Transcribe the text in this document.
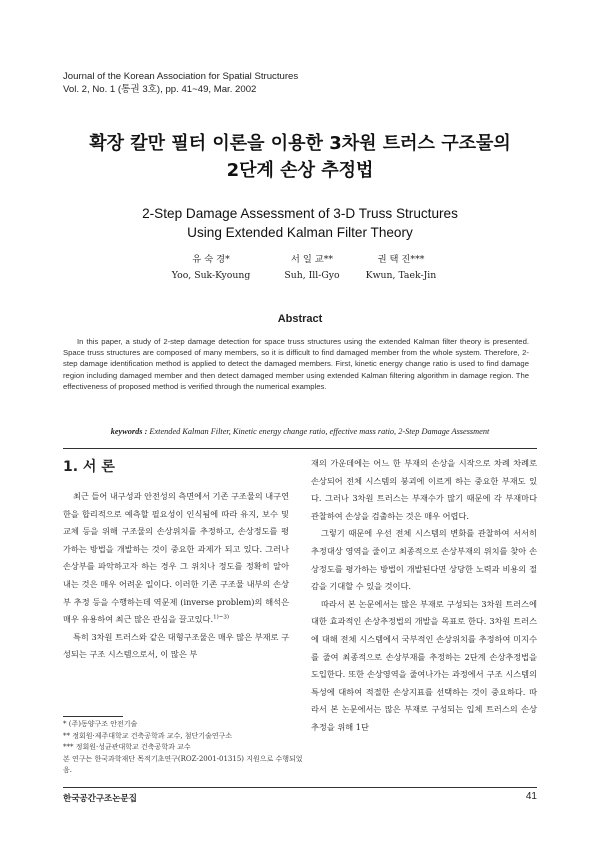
Journal of the Korean Association for Spatial Structures
Vol. 2, No. 1 (통권 3호), pp. 41~49, Mar. 2002
확장 칼만 필터 이론을 이용한 3차원 트러스 구조물의
2단계 손상 추정법
2-Step Damage Assessment of 3-D Truss Structures
Using Extended Kalman Filter Theory
유 숙 경*
Yoo, Suk-Kyoung

서 일 교**
Suh, Ill-Gyo

권 택 진***
Kwun, Taek-Jin
Abstract
In this paper, a study of 2-step damage detection for space truss structures using the extended Kalman filter theory is presented. Space truss structures are composed of many members, so it is difficult to find damaged member from the whole system. Therefore, 2-step damage identification method is applied to detect the damaged members. First, kinetic energy change ratio is used to find damage region including damaged member and then detect damaged member using extended Kalman filtering algorithm in damage region. The effectiveness of proposed method is verified through the numerical examples.
keywords : Extended Kalman Filter, Kinetic energy change ratio, effective mass ratio, 2-Step Damage Assessment
1. 서 론

최근 들어 내구성과 안전성의 측면에서 기존 구조물의 내구연한을 합리적으로 예측할 필요성이 인식됨에 따라 유지, 보수 및 교체 등을 위해 구조물의 손상위치를 추정하고, 손상정도를 평가하는 방법을 개발하는 것이 중요한 과제가 되고 있다. 그러나 손상부를 파악하고자 하는 경우 그 위치나 정도를 정확히 알아내는 것은 매우 어려운 일이다. 이러한 기존 구조물 내부의 손상부 추정 등을 수행하는데 역문제 (inverse problem)의 해석은 매우 유용하여 최근 많은 관심을 끌고있다.$^{1)\sim 3)}$

특히 3차원 트러스와 같은 대형구조물은 매우 많은 부재로 구성되는 구조 시스템으로서, 이 많은 부

재의 가운데에는 어느 한 부재의 손상을 시작으로 차례 차례로 손상되어 전체 시스템의 붕괴에 이르게 하는 중요한 부재도 있다. 그러나 3차원 트러스는 부재수가 많기 때문에 각 부재마다 관찰하여 손상을 검출하는 것은 매우 어렵다.

그렇기 때문에 우선 전체 시스템의 변화를 관찰하여 서서히 추정대상 영역을 줄이고 최종적으로 손상부재의 위치를 찾아 손상정도를 평가하는 방법이 개발된다면 상당한 노력과 비용의 절감을 기대할 수 있을 것이다.

따라서 본 논문에서는 많은 부재로 구성되는 3차원 트러스에 대한 효과적인 손상추정법의 개발을 목표로 한다. 3차원 트러스에 대해 전체 시스템에서 국부적인 손상위치를 추정하여 미지수를 줄여 최종적으로 손상부재를 추정하는 2단계 손상추정법을 도입한다. 또한 손상영역을 줄여나가는 과정에서 구조 시스템의 특성에 대하여 적절한 손상지표를 선택하는 것이 중요하다. 따라서 본 논문에서는 많은 부재로 구성되는 입체 트러스의 손상추정을 위해 1단

* (주)동양구조 안전기술
** 정회원·제주대학교 건축공학과 교수, 첨단기술연구소
*** 정회원·성균관대학교 건축공학과 교수
본 연구는 한국과학재단 목적기초연구(ROZ-2001-01315) 지원으로 수행되었음.
한국공간구조논문집	41
